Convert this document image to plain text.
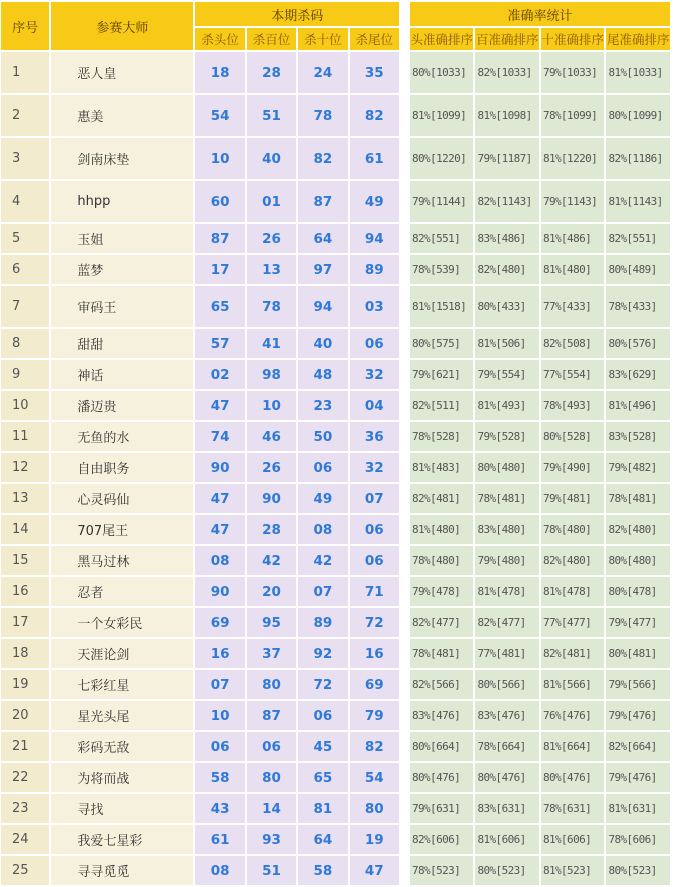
序号	参赛大师	本期杀码					准确率统计			
		杀头位	杀百位	杀十位	杀尾位		头准确排序	百准确排序	十准确排序	尾准确排序
1	恶人皇	18	28	24	35		80%[1033]	82%[1033]	79%[1033]	81%[1033]
2	惠美	54	51	78	82		81%[1099]	81%[1098]	78%[1099]	80%[1099]
3	剑南床垫	10	40	82	61		80%[1220]	79%[1187]	81%[1220]	82%[1186]
4	hhpp	60	01	87	49		79%[1144]	82%[1143]	79%[1143]	81%[1143]
5	玉姐	87	26	64	94		82%[551]	83%[486]	81%[486]	82%[551]
6	蓝梦	17	13	97	89		78%[539]	82%[480]	81%[480]	80%[489]
7	审码王	65	78	94	03		81%[1518]	80%[433]	77%[433]	78%[433]
8	甜甜	57	41	40	06		80%[575]	81%[506]	82%[508]	80%[576]
9	神话	02	98	48	32		79%[621]	79%[554]	77%[554]	83%[629]
10	潘迈贵	47	10	23	04		82%[511]	81%[493]	78%[493]	81%[496]
11	无鱼的水	74	46	50	36		78%[528]	79%[528]	80%[528]	83%[528]
12	自由职务	90	26	06	32		81%[483]	80%[480]	79%[490]	79%[482]
13	心灵码仙	47	90	49	07		82%[481]	78%[481]	79%[481]	78%[481]
14	707尾王	47	28	08	06		81%[480]	83%[480]	78%[480]	82%[480]
15	黑马过林	08	42	42	06		78%[480]	79%[480]	82%[480]	80%[480]
16	忍者	90	20	07	71		79%[478]	81%[478]	81%[478]	80%[478]
17	一个女彩民	69	95	89	72		82%[477]	82%[477]	77%[477]	79%[477]
18	天涯论剑	16	37	92	16		78%[481]	77%[481]	82%[481]	80%[481]
19	七彩红星	07	80	72	69		82%[566]	80%[566]	81%[566]	79%[566]
20	星光头尾	10	87	06	79		83%[476]	83%[476]	76%[476]	79%[476]
21	彩码无敌	06	06	45	82		80%[664]	78%[664]	81%[664]	82%[664]
22	为将而战	58	80	65	54		80%[476]	80%[476]	80%[476]	79%[476]
23	寻找	43	14	81	80		79%[631]	83%[631]	78%[631]	81%[631]
24	我爱七星彩	61	93	64	19		82%[606]	81%[606]	81%[606]	78%[606]
25	寻寻觅觅	08	51	58	47		78%[523]	80%[523]	81%[523]	80%[523]
